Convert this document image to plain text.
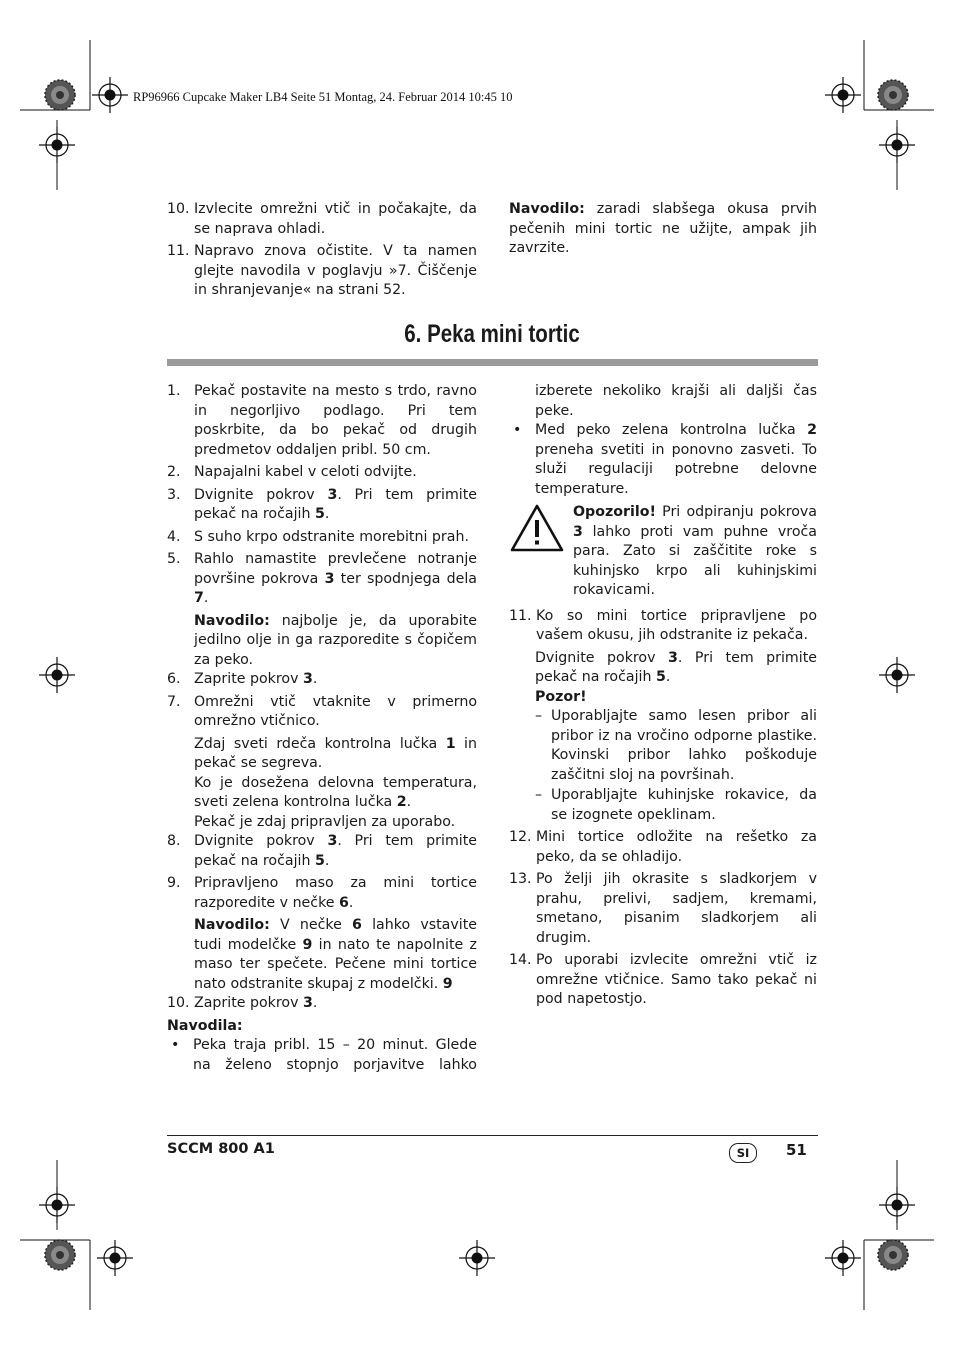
RP96966 Cupcake Maker LB4 Seite 51 Montag, 24. Februar 2014 10:45 10
10. Izvlecite omrežni vtič in počakajte, da se naprava ohladi.
11. Napravo znova očistite. V ta namen glejte navodila v poglavju »7. Čiščenje in shranjevanje« na strani 52.

Navodilo: zaradi slabšega okusa prvih pečenih mini tortic ne užijte, ampak jih zavrzite.

6. Peka mini tortic
1. Pekač postavite na mesto s trdo, ravno in negorljivo podlago. Pri tem poskrbite, da bo pekač od drugih predmetov oddaljen pribl. 50 cm.
2. Napajalni kabel v celoti odvijte.
3. Dvignite pokrov 3. Pri tem primite pekač na ročajih 5.
4. S suho krpo odstranite morebitni prah.
5. Rahlo namastite prevlečene notranje površine pokrova 3 ter spodnjega dela 7.

Navodilo: najbolje je, da uporabite jedilno olje in ga razporedite s čopičem za peko.

6. Zaprite pokrov 3.
7. Omrežni vtič vtaknite v primerno omrežno vtičnico.

Zdaj sveti rdeča kontrolna lučka 1 in pekač se segreva.

Ko je dosežena delovna temperatura, sveti zelena kontrolna lučka 2.

Pekač je zdaj pripravljen za uporabo.

8. Dvignite pokrov 3. Pri tem primite pekač na ročajih 5.
9. Pripravljeno maso za mini tortice razporedite v nečke 6.

Navodilo: V nečke 6 lahko vstavite tudi modelčke 9 in nato te napolnite z maso ter spečete. Pečene mini tortice nato odstranite skupaj z modelčki. 9

10. Zaprite pokrov 3.

Navodila:

• Peka traja pribl. 15 – 20 minut. Glede na želeno stopnjo porjavitve lahko

izberete nekoliko krajši ali daljši čas peke.

• Med peko zelena kontrolna lučka 2 preneha svetiti in ponovno zasveti. To služi regulaciji potrebne delovne temperature.
Opozorilo! Pri odpiranju pokrova 3 lahko proti vam puhne vroča para. Zato si zaščitite roke s kuhinjsko krpo ali kuhinjskimi rokavicami.
11. Ko so mini tortice pripravljene po vašem okusu, jih odstranite iz pekača.

Dvignite pokrov 3. Pri tem primite pekač na ročajih 5.

Pozor!

– Uporabljajte samo lesen pribor ali pribor iz na vročino odporne plastike. Kovinski pribor lahko poškoduje zaščitni sloj na površinah.
– Uporabljajte kuhinjske rokavice, da se izognete opeklinam.
12. Mini tortice odložite na rešetko za peko, da se ohladijo.
13. Po želji jih okrasite s sladkorjem v prahu, prelivi, sadjem, kremami, smetano, pisanim sladkorjem ali drugim.
14. Po uporabi izvlecite omrežni vtič iz omrežne vtičnice. Samo tako pekač ni pod napetostjo.
SCCM 800 A1	SI	51
